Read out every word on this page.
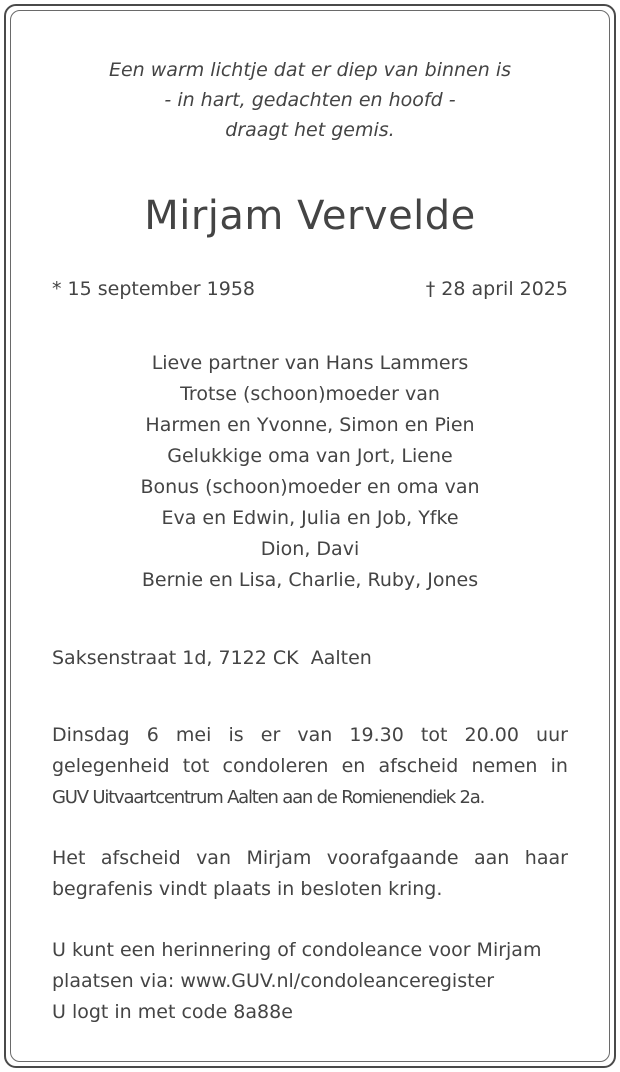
Een warm lichtje dat er diep van binnen is
- in hart, gedachten en hoofd -
draagt het gemis.
Mirjam Vervelde
* 15 september 1958	† 28 april 2025
Lieve partner van Hans Lammers
Trotse (schoon)moeder van
Harmen en Yvonne, Simon en Pien
Gelukkige oma van Jort, Liene
Bonus (schoon)moeder en oma van
Eva en Edwin, Julia en Job, Yfke
Dion, Davi
Bernie en Lisa, Charlie, Ruby, Jones
Saksenstraat 1d, 7122 CK  Aalten
Dinsdag 6 mei is er van 19.30 tot 20.00 uur
gelegenheid tot condoleren en afscheid nemen in
GUV Uitvaartcentrum Aalten aan de Romienendiek 2a.
Het afscheid van Mirjam voorafgaande aan haar
begrafenis vindt plaats in besloten kring.
U kunt een herinnering of condoleance voor Mirjam
plaatsen via: www.GUV.nl/condoleanceregister
U logt in met code 8a88e
